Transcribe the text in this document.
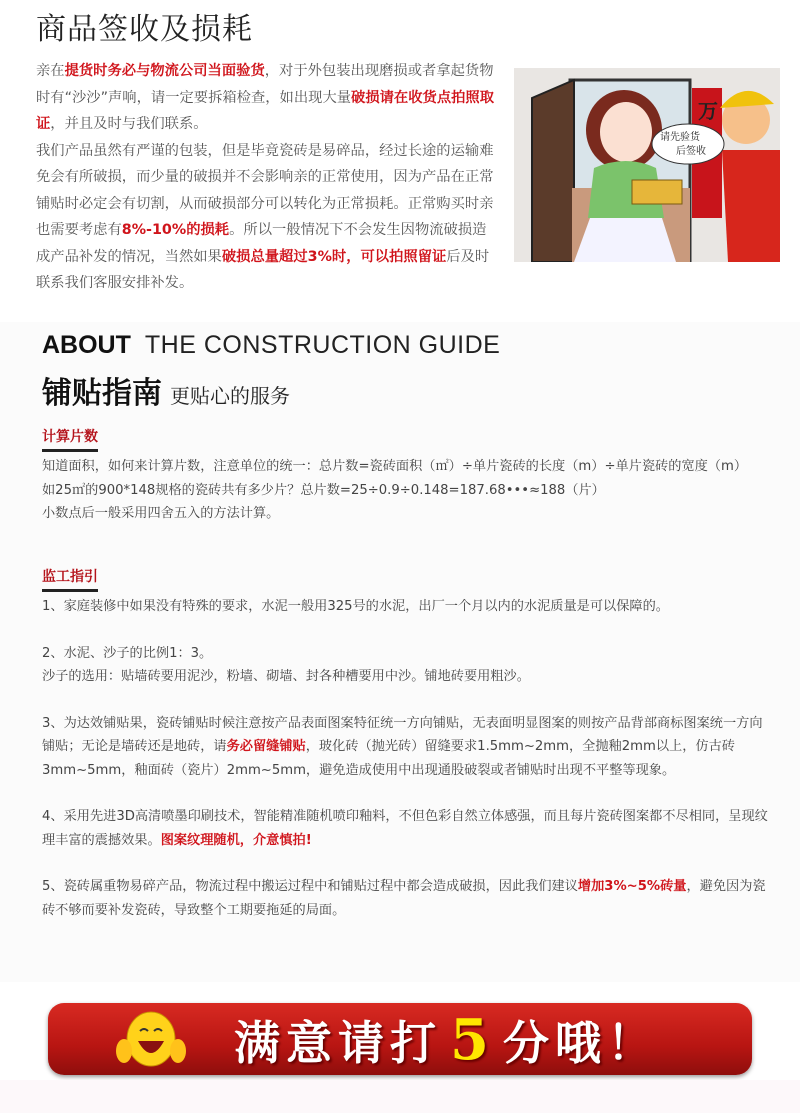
商品签收及损耗

亲在提货时务必与物流公司当面验货，对于外包装出现磨损或者拿起货物时有“沙沙”声响，请一定要拆箱检查，如出现大量破损请在收货点拍照取证，并且及时与我们联系。

我们产品虽然有严谨的包装，但是毕竟瓷砖是易碎品，经过长途的运输难免会有所破损，而少量的破损并不会影响亲的正常使用，因为产品在正常铺贴时必定会有切割，从而破损部分可以转化为正常损耗。正常购买时亲也需要考虑有8%-10%的损耗。所以一般情况下不会发生因物流破损造成产品补发的情况，当然如果破损总量超过3%时，可以拍照留证后及时联系我们客服安排补发。

万
请先验货
后签收
ABOUT THE CONSTRUCTION GUIDE
铺贴指南 更贴心的服务
计算片数

知道面积，如何来计算片数，注意单位的统一：总片数=瓷砖面积（㎡）÷单片瓷砖的长度（m）÷单片瓷砖的宽度（m）

如25㎡的900*148规格的瓷砖共有多少片？总片数=25÷0.9÷0.148=187.68•••≈188（片）

小数点后一般采用四舍五入的方法计算。

监工指引

1、家庭装修中如果没有特殊的要求，水泥一般用325号的水泥，出厂一个月以内的水泥质量是可以保障的。

2、水泥、沙子的比例1：3。

沙子的选用：贴墙砖要用泥沙，粉墙、砌墙、封各种槽要用中沙。铺地砖要用粗沙。

3、为达效铺贴果，瓷砖铺贴时候注意按产品表面图案特征统一方向铺贴，无表面明显图案的则按产品背部商标图案统一方向铺贴；无论是墙砖还是地砖，请务必留缝铺贴，玻化砖（抛光砖）留缝要求1.5mm~2mm，全抛釉2mm以上，仿古砖3mm~5mm，釉面砖（瓷片）2mm~5mm，避免造成使用中出现通股破裂或者铺贴时出现不平整等现象。

4、采用先进3D高清喷墨印刷技术，智能精准随机喷印釉料，不但色彩自然立体感强，而且每片瓷砖图案都不尽相同，呈现纹理丰富的震撼效果。图案纹理随机，介意慎拍!

5、瓷砖属重物易碎产品，物流过程中搬运过程中和铺贴过程中都会造成破损，因此我们建议增加3%~5%砖量，避免因为瓷砖不够而要补发瓷砖，导致整个工期要拖延的局面。

满意请打 5 分哦！
